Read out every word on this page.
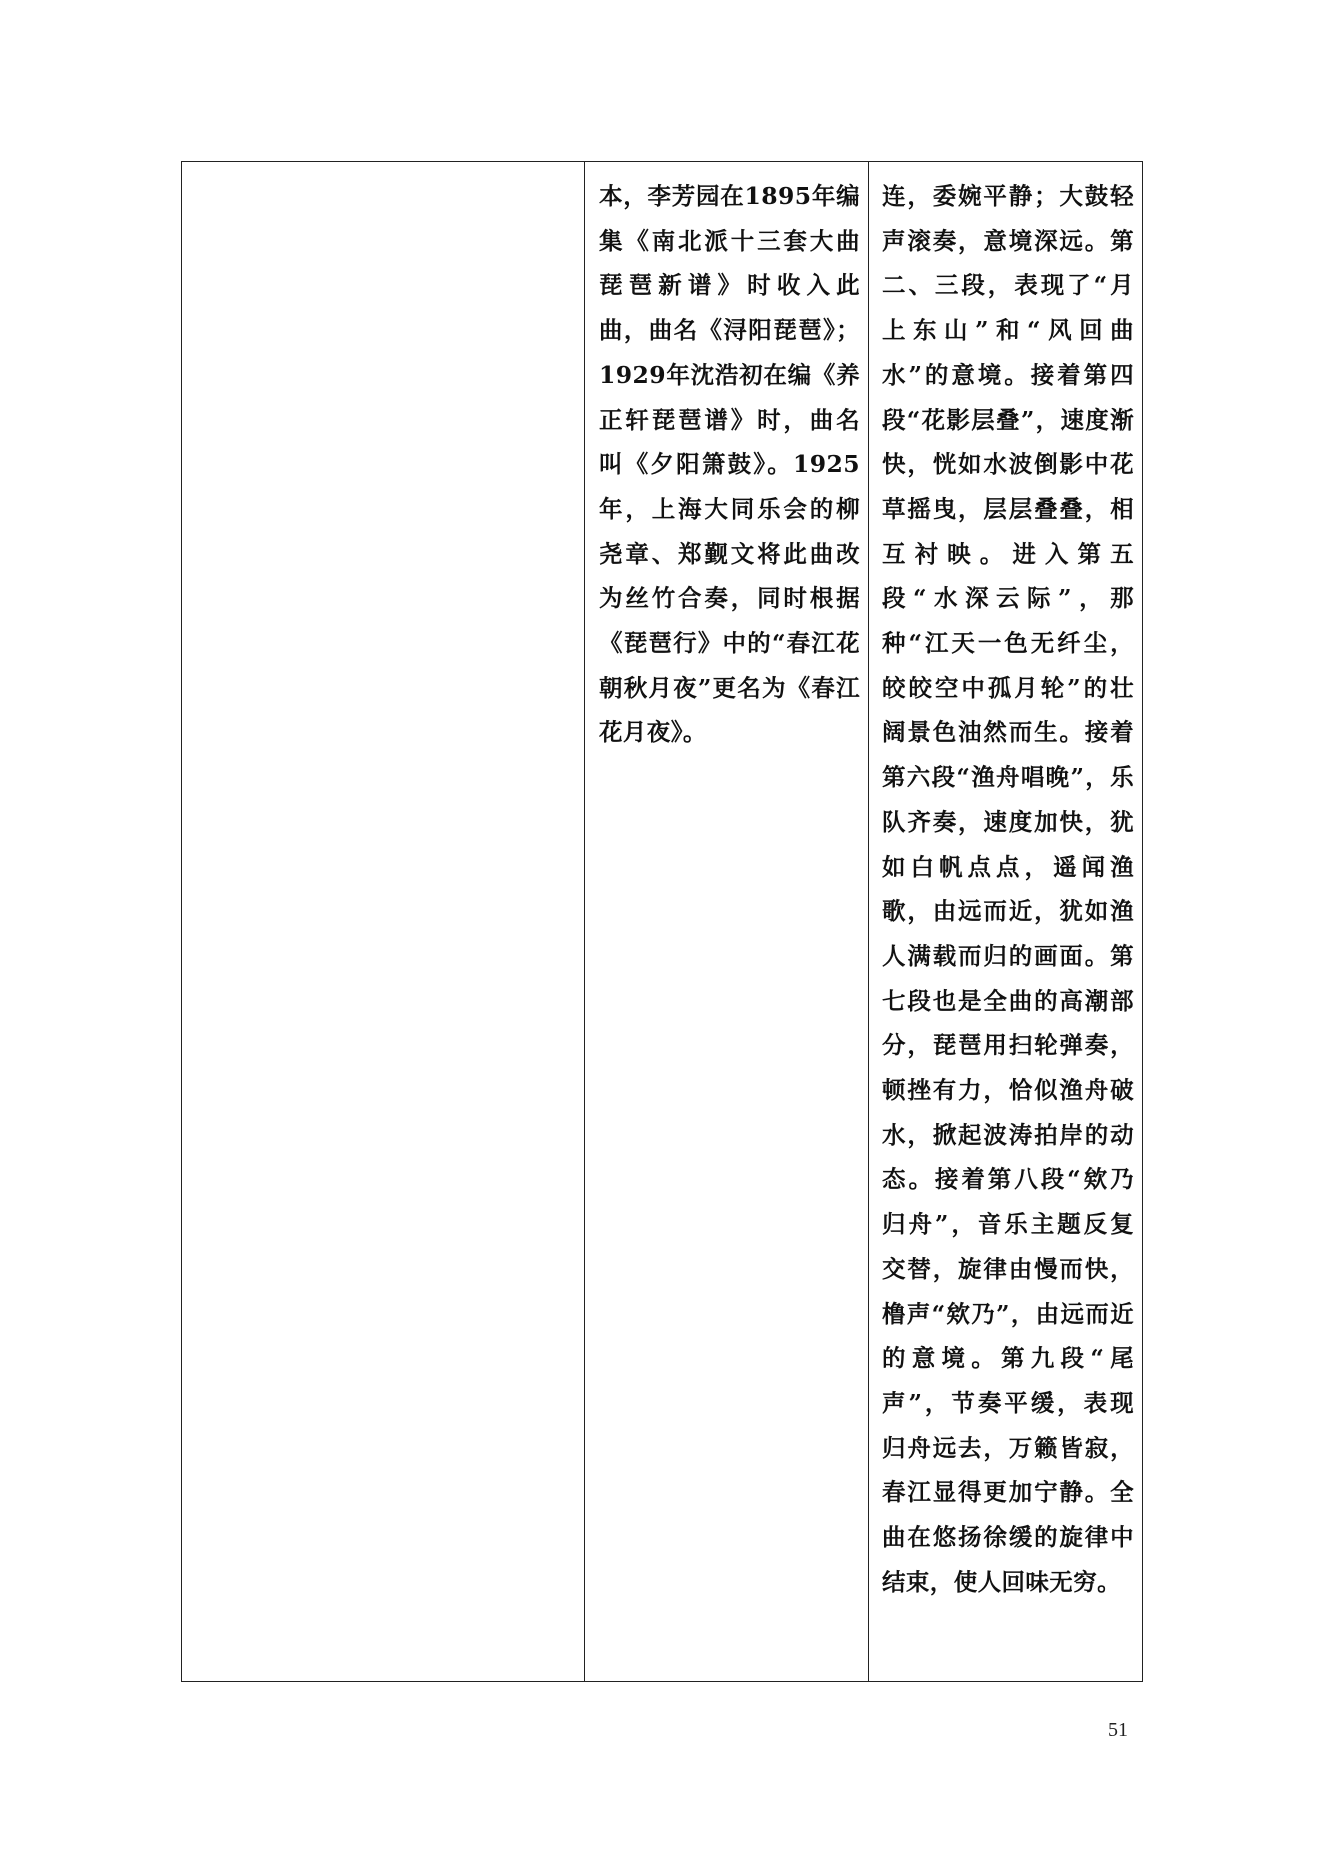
本，李芳园在1895年编集《南北派十三套大曲琵琶新谱》时收入此曲，曲名《浔阳琵琶》；1929年沈浩初在编《养正轩琵琶谱》时，曲名叫《夕阳箫鼓》。1925年，上海大同乐会的柳尧章、郑觐文将此曲改为丝竹合奏，同时根据《琵琶行》中的“春江花朝秋月夜”更名为《春江花月夜》。

连，委婉平静；大鼓轻声滚奏，意境深远。第二、三段，表现了“月上东山”和“风回曲水”的意境。接着第四段“花影层叠”，速度渐快，恍如水波倒影中花草摇曳，层层叠叠，相互衬映。进入第五段“水深云际”，那种“江天一色无纤尘，皎皎空中孤月轮”的壮阔景色油然而生。接着第六段“渔舟唱晚”，乐队齐奏，速度加快，犹如白帆点点，遥闻渔歌，由远而近，犹如渔人满载而归的画面。第七段也是全曲的高潮部分，琵琶用扫轮弹奏，顿挫有力，恰似渔舟破水，掀起波涛拍岸的动态。接着第八段“欸乃归舟”，音乐主题反复交替，旋律由慢而快，橹声“欸乃”，由远而近的意境。第九段“尾声”，节奏平缓，表现归舟远去，万籁皆寂，春江显得更加宁静。全曲在悠扬徐缓的旋律中结束，使人回味无穷。

51
